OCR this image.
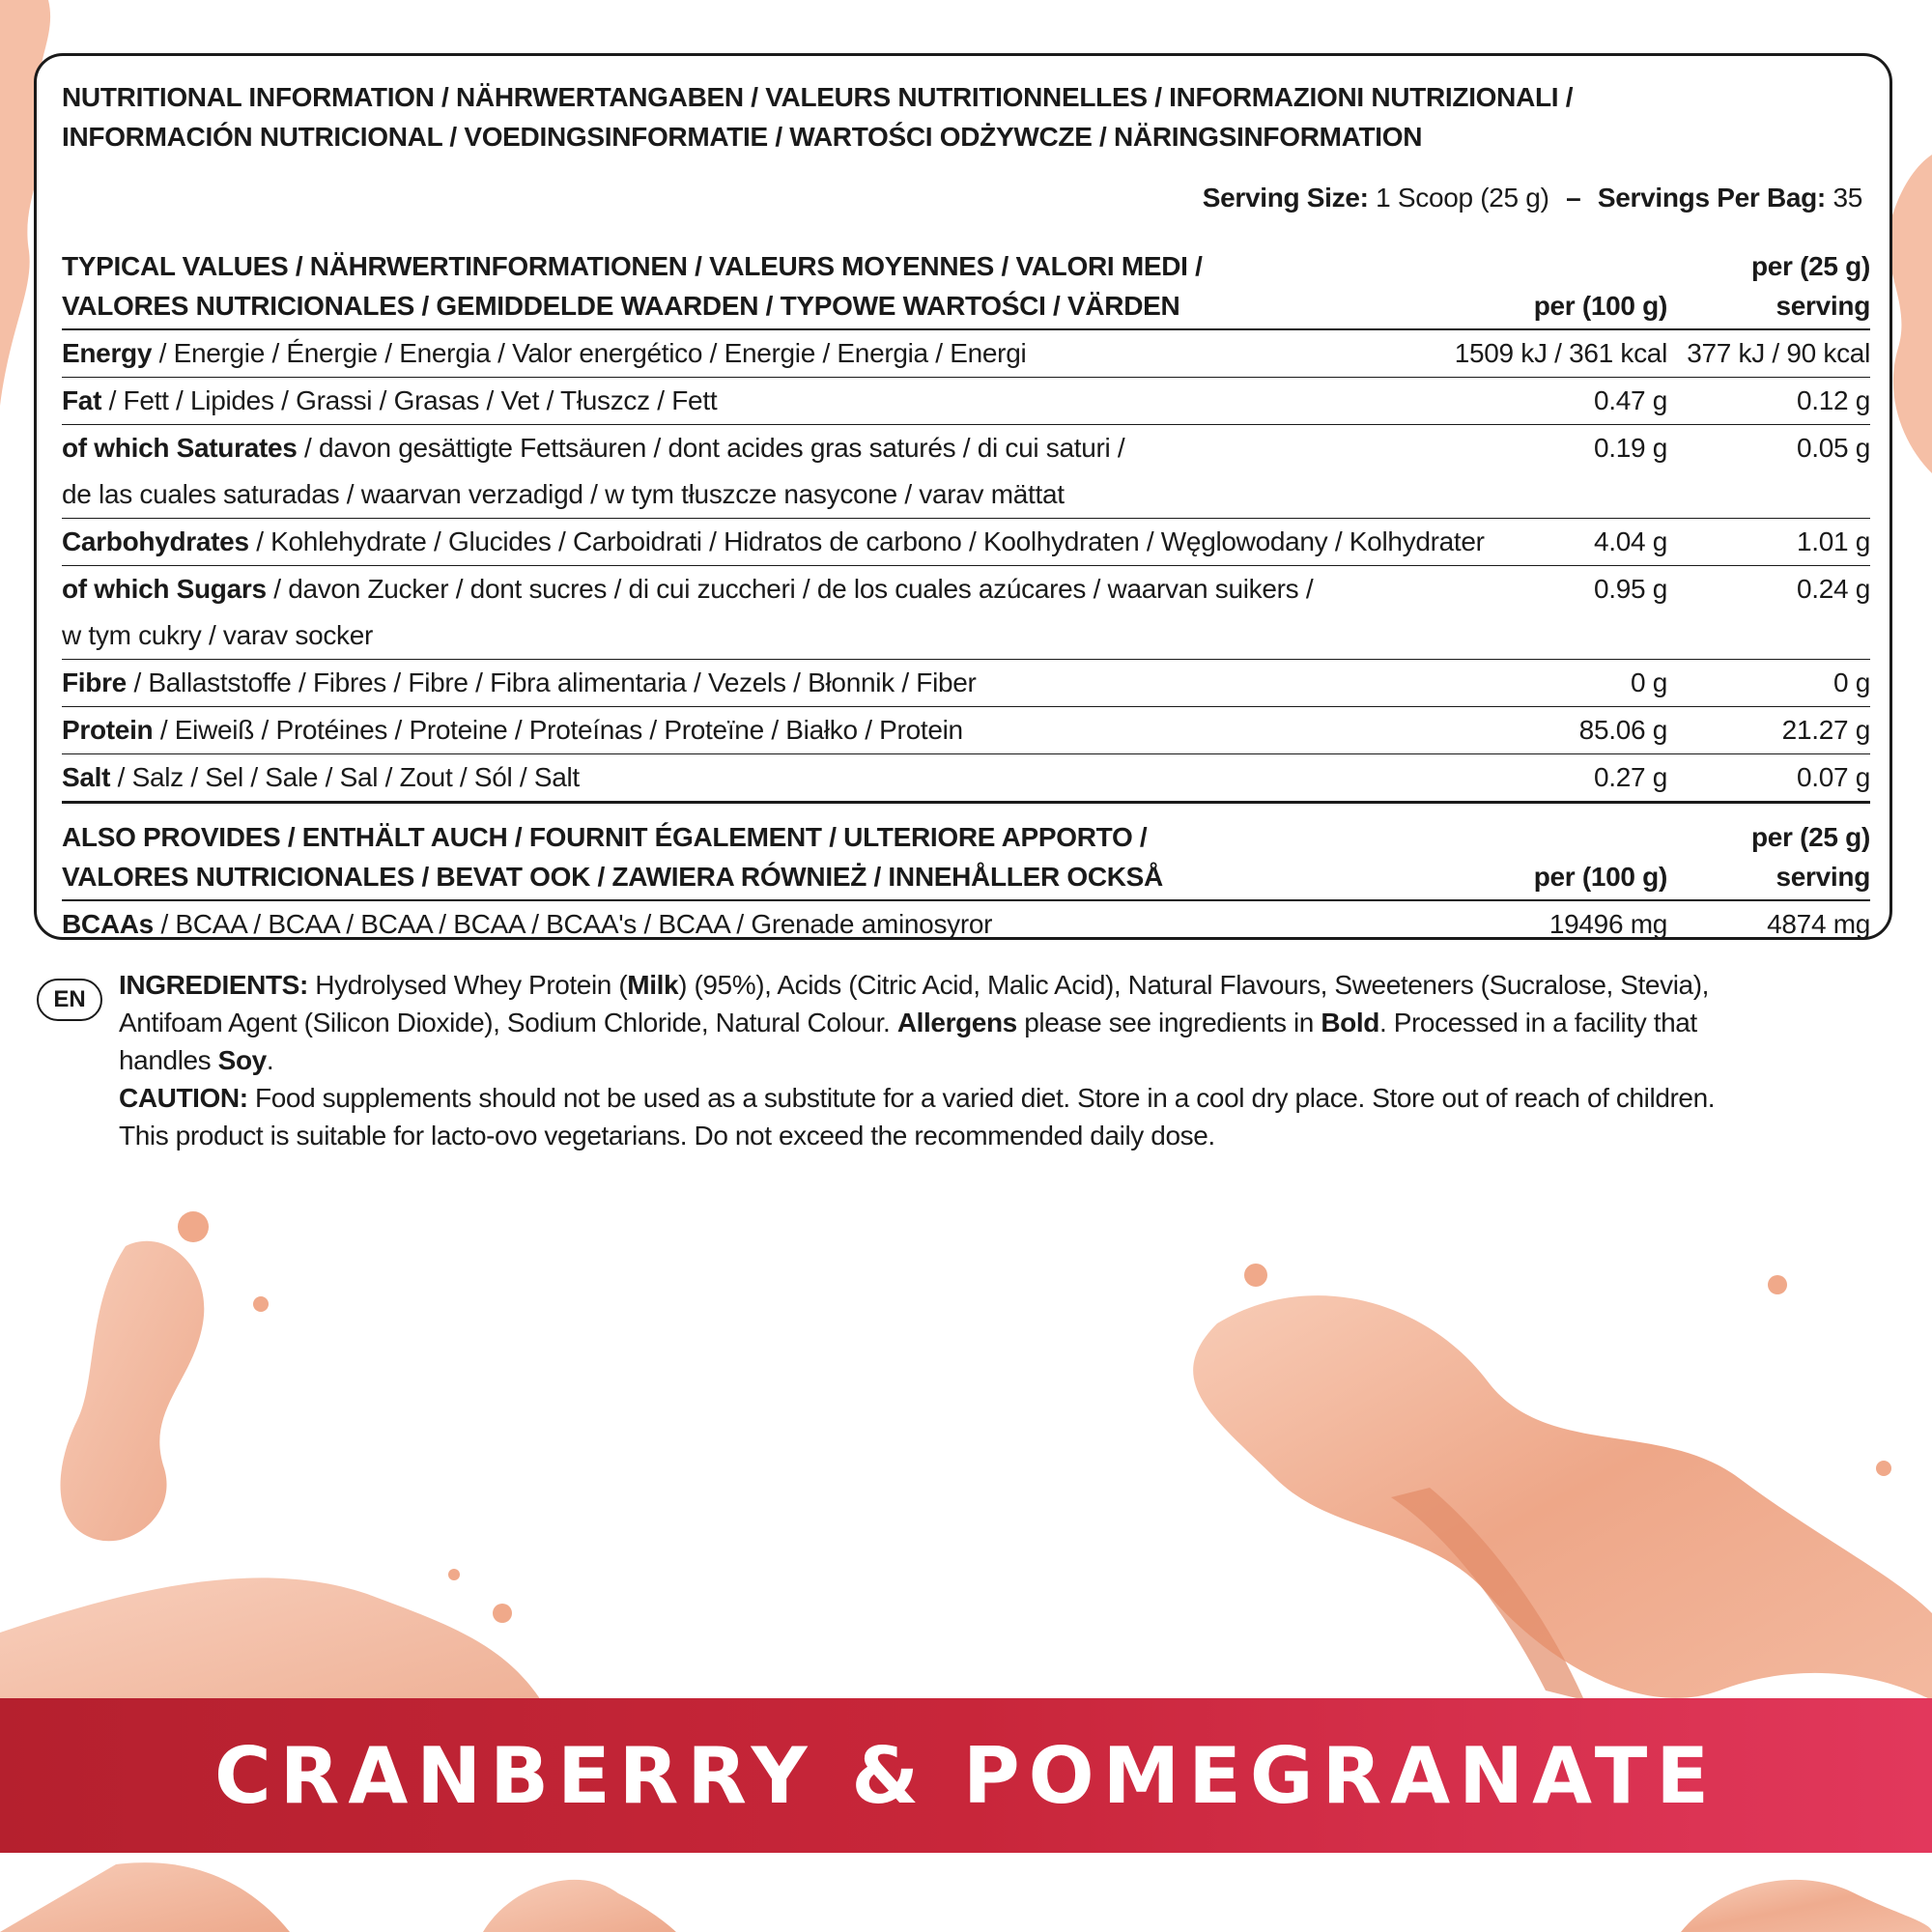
NUTRITIONAL INFORMATION / NÄHRWERTANGABEN / VALEURS NUTRITIONNELLES / INFORMAZIONI NUTRIZIONALI /
INFORMACIÓN NUTRICIONAL / VOEDINGSINFORMATIE / WARTOŚCI ODŻYWCZE / NÄRINGSINFORMATION
Serving Size: 1 Scoop (25 g) – Servings Per Bag: 35
TYPICAL VALUES / NÄHRWERTINFORMATIONEN / VALEURS MOYENNES / VALORI MEDI /
VALORES NUTRICIONALES / GEMIDDELDE WAARDEN / TYPOWE WARTOŚCI / VÄRDEN	per (100 g)	per (25 g) serving
Energy / Energie / Énergie / Energia / Valor energético / Energie / Energia / Energi	1509 kJ / 361 kcal	377 kJ / 90 kcal
Fat / Fett / Lipides / Grassi / Grasas / Vet / Tłuszcz / Fett	0.47 g	0.12 g
of which Saturates / davon gesättigte Fettsäuren / dont acides gras saturés / di cui saturi /
de las cuales saturadas / waarvan verzadigd / w tym tłuszcze nasycone / varav mättat	0.19 g	0.05 g
Carbohydrates / Kohlehydrate / Glucides / Carboidrati / Hidratos de carbono / Koolhydraten / Węglowodany / Kolhydrater	4.04 g	1.01 g
of which Sugars / davon Zucker / dont sucres / di cui zuccheri / de los cuales azúcares / waarvan suikers /
w tym cukry / varav socker	0.95 g	0.24 g
Fibre / Ballaststoffe / Fibres / Fibre / Fibra alimentaria / Vezels / Błonnik / Fiber	0 g	0 g
Protein / Eiweiß / Protéines / Proteine / Proteínas / Proteïne / Białko / Protein	85.06 g	21.27 g
Salt / Salz / Sel / Sale / Sal / Zout / Sól / Salt	0.27 g	0.07 g
ALSO PROVIDES / ENTHÄLT AUCH / FOURNIT ÉGALEMENT / ULTERIORE APPORTO /
VALORES NUTRICIONALES / BEVAT OOK / ZAWIERA RÓWNIEŻ / INNEHÅLLER OCKSÅ	per (100 g)	per (25 g) serving
BCAAs / BCAA / BCAA / BCAA / BCAA / BCAA's / BCAA / Grenade aminosyror	19496 mg	4874 mg
EN	INGREDIENTS: Hydrolysed Whey Protein (Milk) (95%), Acids (Citric Acid, Malic Acid), Natural Flavours, Sweeteners (Sucralose, Stevia), Antifoam Agent (Silicon Dioxide), Sodium Chloride, Natural Colour. Allergens please see ingredients in Bold. Processed in a facility that handles Soy.
CAUTION: Food supplements should not be used as a substitute for a varied diet. Store in a cool dry place. Store out of reach of children. This product is suitable for lacto-ovo vegetarians. Do not exceed the recommended daily dose.
CRANBERRY & POMEGRANATE
